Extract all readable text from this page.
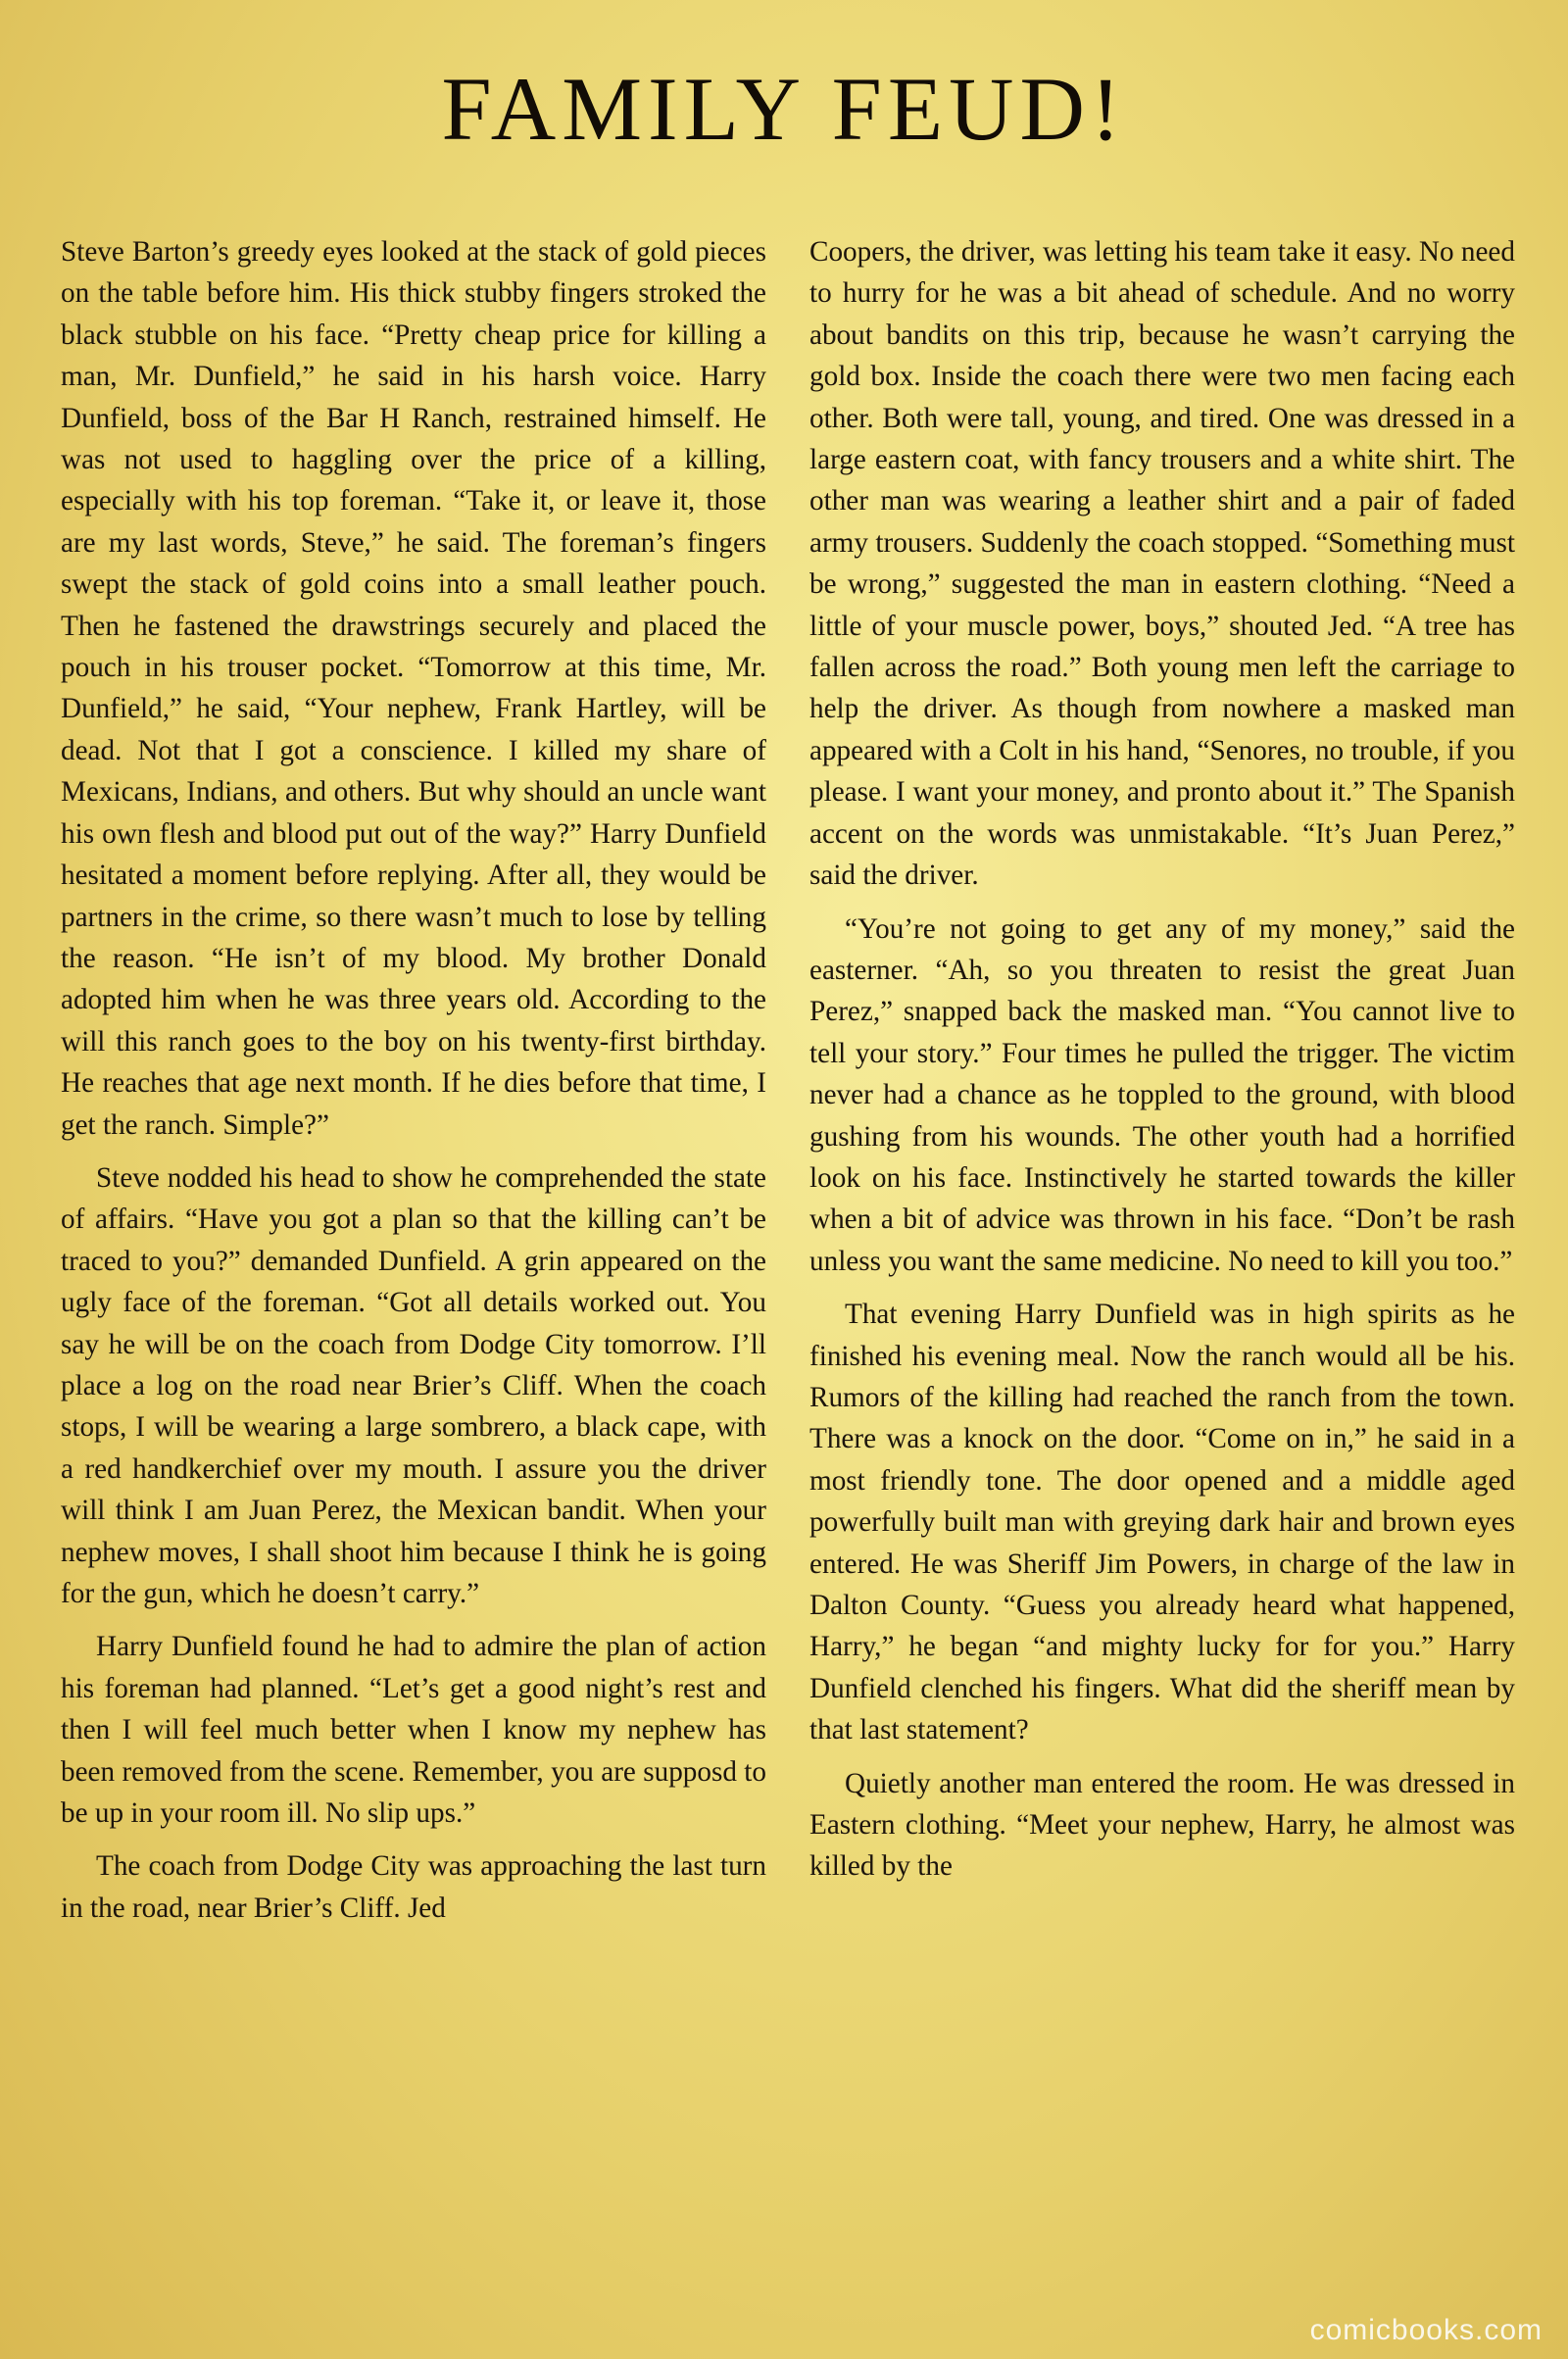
FAMILY FEUD!

Steve Barton’s greedy eyes looked at the stack of gold pieces on the table before him. His thick stubby fingers stroked the black stubble on his face. “Pretty cheap price for killing a man, Mr. Dunfield,” he said in his harsh voice. Harry Dunfield, boss of the Bar H Ranch, restrained himself. He was not used to haggling over the price of a killing, especially with his top foreman. “Take it, or leave it, those are my last words, Steve,” he said. The foreman’s fingers swept the stack of gold coins into a small leather pouch. Then he fastened the drawstrings securely and placed the pouch in his trouser pocket. “Tomorrow at this time, Mr. Dunfield,” he said, “Your nephew, Frank Hartley, will be dead. Not that I got a conscience. I killed my share of Mexicans, Indians, and others. But why should an uncle want his own flesh and blood put out of the way?” Harry Dunfield hesitated a moment before replying. After all, they would be partners in the crime, so there wasn’t much to lose by telling the reason. “He isn’t of my blood. My brother Donald adopted him when he was three years old. According to the will this ranch goes to the boy on his twenty-first birthday. He reaches that age next month. If he dies before that time, I get the ranch. Simple?”

Steve nodded his head to show he comprehended the state of affairs. “Have you got a plan so that the killing can’t be traced to you?” demanded Dunfield. A grin appeared on the ugly face of the foreman. “Got all details worked out. You say he will be on the coach from Dodge City tomorrow. I’ll place a log on the road near Brier’s Cliff. When the coach stops, I will be wearing a large sombrero, a black cape, with a red handkerchief over my mouth. I assure you the driver will think I am Juan Perez, the Mexican bandit. When your nephew moves, I shall shoot him because I think he is going for the gun, which he doesn’t carry.”

Harry Dunfield found he had to admire the plan of action his foreman had planned. “Let’s get a good night’s rest and then I will feel much better when I know my nephew has been removed from the scene. Remember, you are supposd to be up in your room ill. No slip ups.”

The coach from Dodge City was approaching the last turn in the road, near Brier’s Cliff. Jed

Coopers, the driver, was letting his team take it easy. No need to hurry for he was a bit ahead of schedule. And no worry about bandits on this trip, because he wasn’t carrying the gold box. Inside the coach there were two men facing each other. Both were tall, young, and tired. One was dressed in a large eastern coat, with fancy trousers and a white shirt. The other man was wearing a leather shirt and a pair of faded army trousers. Suddenly the coach stopped. “Something must be wrong,” suggested the man in eastern clothing. “Need a little of your muscle power, boys,” shouted Jed. “A tree has fallen across the road.” Both young men left the carriage to help the driver. As though from nowhere a masked man appeared with a Colt in his hand, “Senores, no trouble, if you please. I want your money, and pronto about it.” The Spanish accent on the words was unmistakable. “It’s Juan Perez,” said the driver.

“You’re not going to get any of my money,” said the easterner. “Ah, so you threaten to resist the great Juan Perez,” snapped back the masked man. “You cannot live to tell your story.” Four times he pulled the trigger. The victim never had a chance as he toppled to the ground, with blood gushing from his wounds. The other youth had a horrified look on his face. Instinctively he started towards the killer when a bit of advice was thrown in his face. “Don’t be rash unless you want the same medicine. No need to kill you too.”

That evening Harry Dunfield was in high spirits as he finished his evening meal. Now the ranch would all be his. Rumors of the killing had reached the ranch from the town. There was a knock on the door. “Come on in,” he said in a most friendly tone. The door opened and a middle aged powerfully built man with greying dark hair and brown eyes entered. He was Sheriff Jim Powers, in charge of the law in Dalton County. “Guess you already heard what happened, Harry,” he began “and mighty lucky for for you.” Harry Dunfield clenched his fingers. What did the sheriff mean by that last statement?

Quietly another man entered the room. He was dressed in Eastern clothing. “Meet your nephew, Harry, he almost was killed by the

comicbooks.com
